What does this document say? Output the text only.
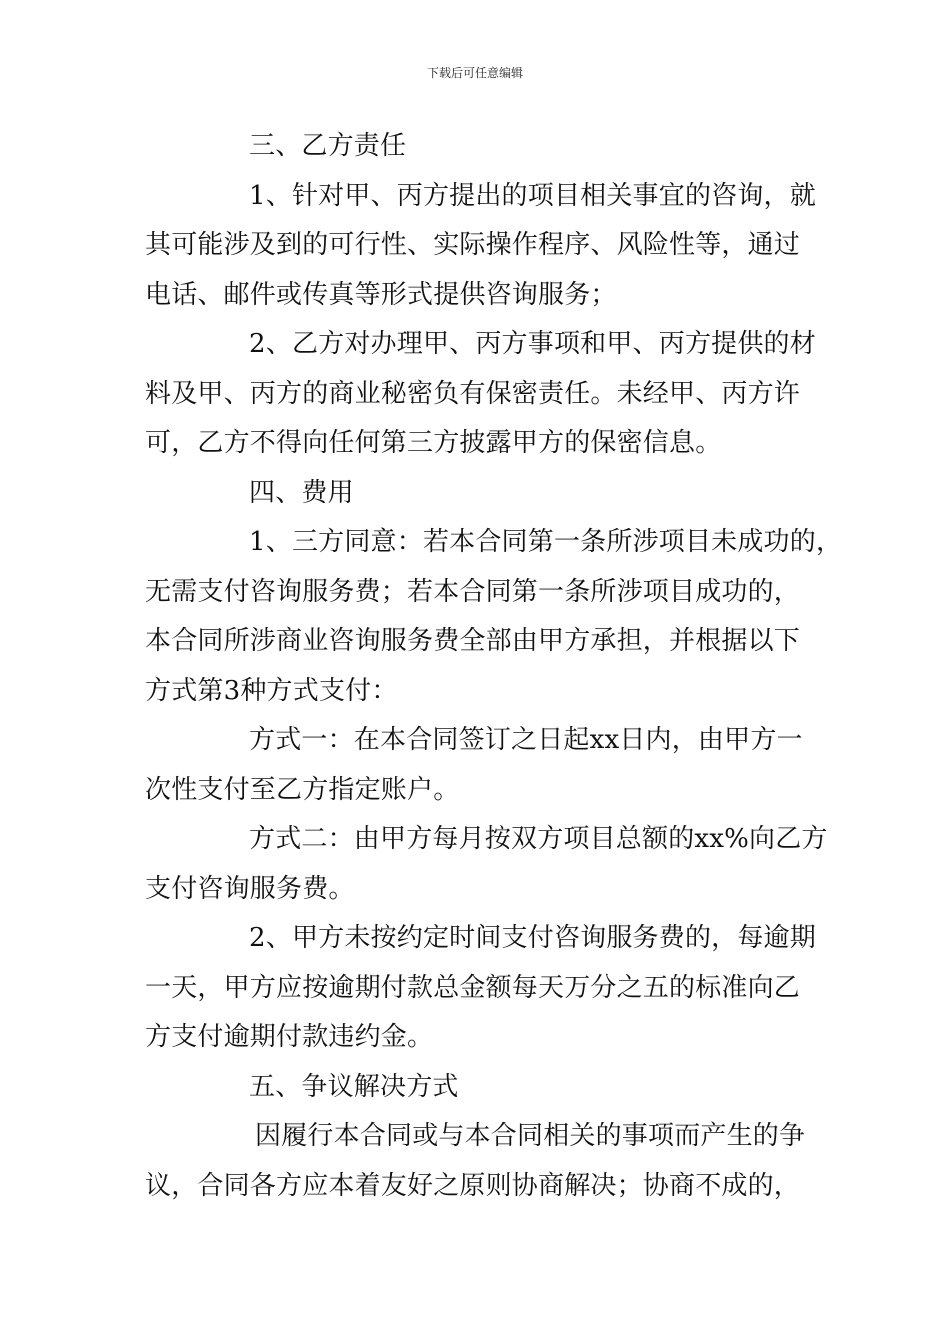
下载后可任意编辑
三、乙方责任
1、针对甲、丙方提出的项目相关事宜的咨询，就
其可能涉及到的可行性、实际操作程序、风险性等，通过
电话、邮件或传真等形式提供咨询服务；
2、乙方对办理甲、丙方事项和甲、丙方提供的材
料及甲、丙方的商业秘密负有保密责任。未经甲、丙方许
可，乙方不得向任何第三方披露甲方的保密信息。
四、费用
1、三方同意：若本合同第一条所涉项目未成功的，
无需支付咨询服务费；若本合同第一条所涉项目成功的，
本合同所涉商业咨询服务费全部由甲方承担，并根据以下
方式第3种方式支付：
方式一：在本合同签订之日起xx日内，由甲方一
次性支付至乙方指定账户。
方式二：由甲方每月按双方项目总额的xx%向乙方
支付咨询服务费。
2、甲方未按约定时间支付咨询服务费的，每逾期
一天，甲方应按逾期付款总金额每天万分之五的标准向乙
方支付逾期付款违约金。
五、争议解决方式
因履行本合同或与本合同相关的事项而产生的争
议，合同各方应本着友好之原则协商解决；协商不成的，
